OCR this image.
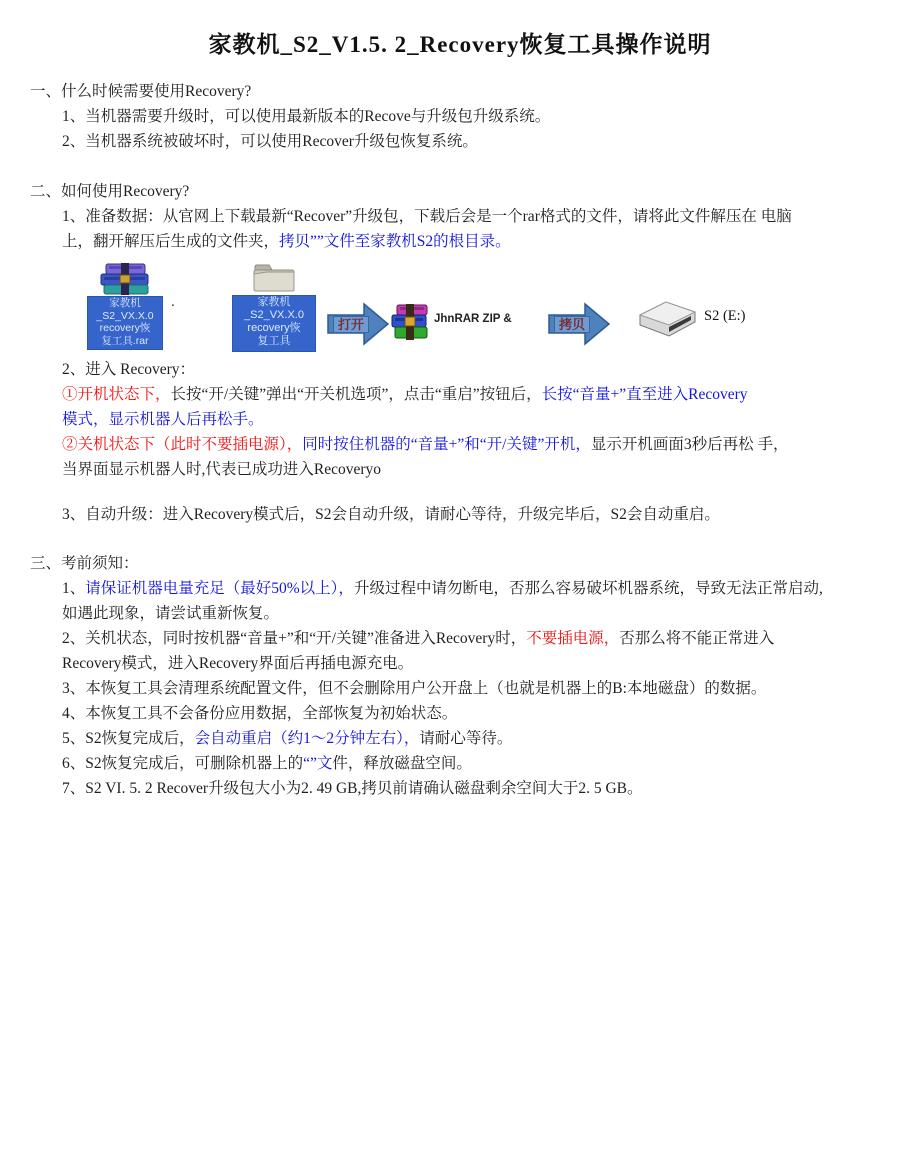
家教机_S2_V1.5. 2_Recovery恢复工具操作说明
一、什么时候需要使用Recovery?
1、当机器需要升级时，可以使用最新版本的Recove与升级包升级系统。
2、当机器系统被破坏时，可以使用Recover升级包恢复系统。
二、如何使用Recovery?
1、准备数据：从官网上下载最新“Recover”升级包，下载后会是一个rar格式的文件，请将此文件解压在 电脑
上，翻开解压后生成的文件夹，拷贝””文件至家教机S2的根目录。
家教机
_S2_VX.X.0
recovery恢
复工具.rar
.	家教机
_S2_VX.X.0
recovery恢
复工具
打开	JhnRAR ZIP &	拷贝
S2 (E:)
2、进入 Recovery：
①开机状态下，长按“开/关键”弹出“开关机选项”，点击“重启”按钮后，长按“音量+”直至进入Recovery
模式，显示机器人后再松手。
②关机状态下（此时不要插电源），同时按住机器的“音量+”和“开/关键”开机，显示开机画面3秒后再松 手，
当界面显示机器人时,代表已成功进入Recoveryo
3、自动升级：进入Recovery模式后，S2会自动升级，请耐心等待，升级完毕后，S2会自动重启。
三、考前须知：
1、请保证机器电量充足（最好50%以上），升级过程中请勿断电，否那么容易破坏机器系统，导致无法正常启动,
如遇此现象，请尝试重新恢复。
2、关机状态，同时按机器“音量+”和“开/关键”准备进入Recovery时，不要插电源，否那么将不能正常进入
Recovery模式，进入Recovery界面后再插电源充电。
3、本恢复工具会清理系统配置文件，但不会删除用户公开盘上（也就是机器上的B:本地磁盘）的数据。
4、本恢复工具不会备份应用数据，全部恢复为初始状态。
5、S2恢复完成后，会自动重启（约1〜2分钟左右），请耐心等待。
6、S2恢复完成后，可删除机器上的“”文件，释放磁盘空间。
7、S2 VI. 5. 2 Recover升级包大小为2. 49 GB,拷贝前请确认磁盘剩余空间大于2. 5 GB。
